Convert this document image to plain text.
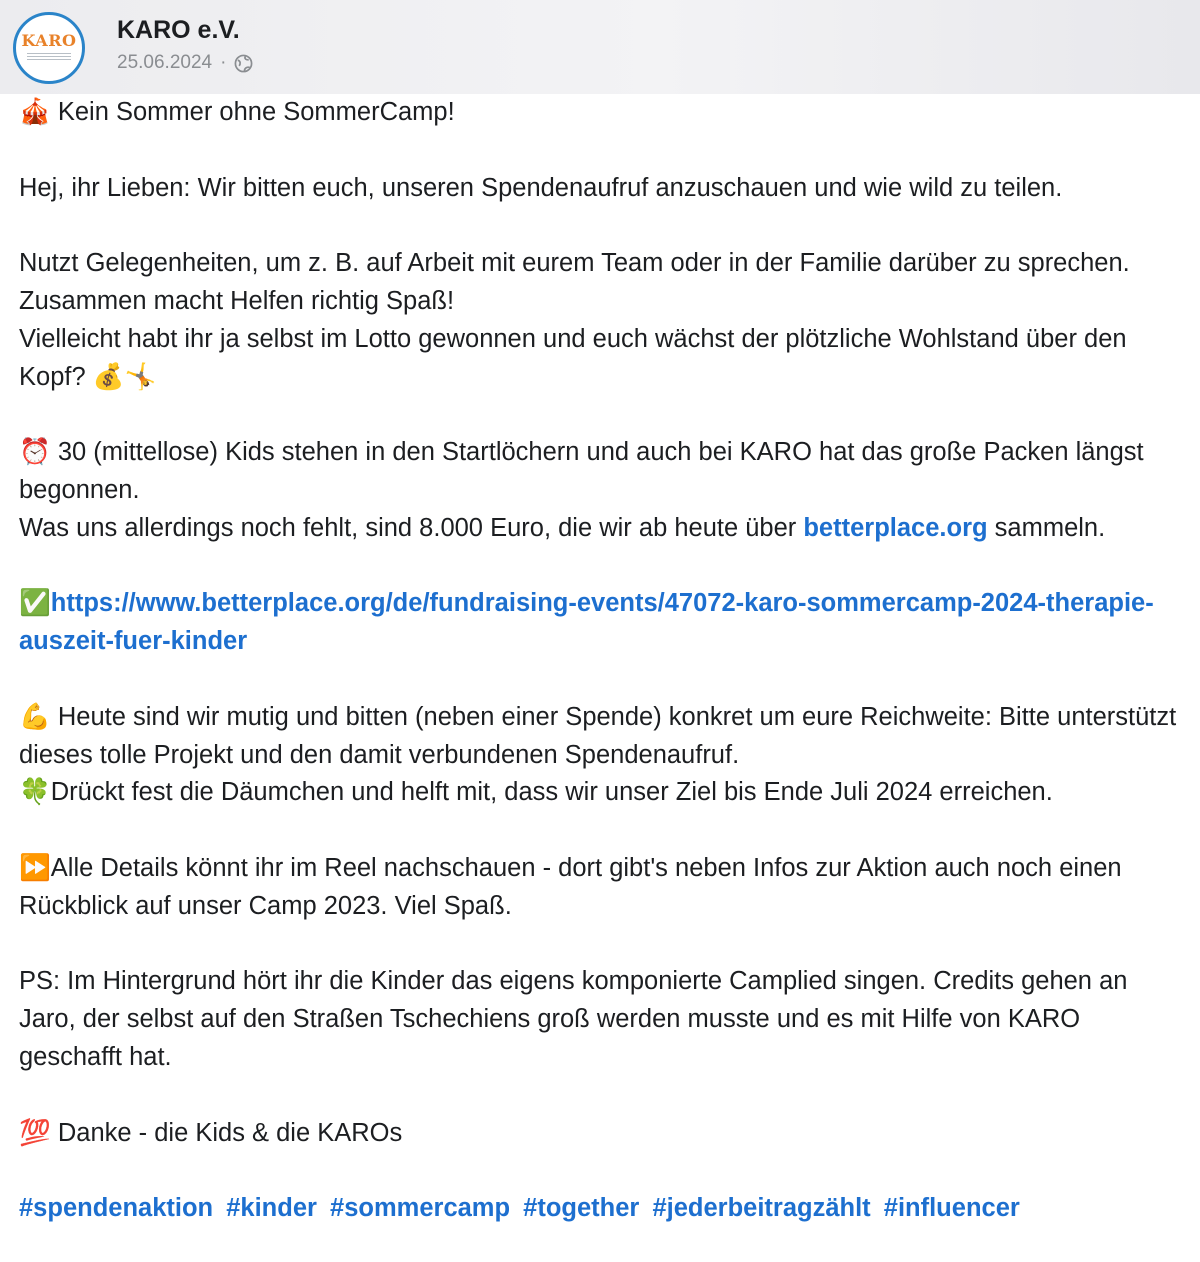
KARO KARO e.V.
25.06.2024 ·

🎪 Kein Sommer ohne SommerCamp!

Hej, ihr Lieben: Wir bitten euch, unseren Spendenaufruf anzuschauen und wie wild zu teilen.

Nutzt Gelegenheiten, um z. B. auf Arbeit mit eurem Team oder in der Familie darüber zu sprechen. Zusammen macht Helfen richtig Spaß!

Vielleicht habt ihr ja selbst im Lotto gewonnen und euch wächst der plötzliche Wohlstand über den Kopf? 💰🤸

⏰ 30 (mittellose) Kids stehen in den Startlöchern und auch bei KARO hat das große Packen längst begonnen.

Was uns allerdings noch fehlt, sind 8.000 Euro, die wir ab heute über betterplace.org sammeln.

✅https://www.betterplace.org/de/fundraising-events/47072-karo-sommercamp-2024-therapie-auszeit-fuer-kinder

💪 Heute sind wir mutig und bitten (neben einer Spende) konkret um eure Reichweite: Bitte unterstützt dieses tolle Projekt und den damit verbundenen Spendenaufruf.

🍀Drückt fest die Däumchen und helft mit, dass wir unser Ziel bis Ende Juli 2024 erreichen.

⏩Alle Details könnt ihr im Reel nachschauen - dort gibt's neben Infos zur Aktion auch noch einen Rückblick auf unser Camp 2023. Viel Spaß.

PS: Im Hintergrund hört ihr die Kinder das eigens komponierte Camplied singen. Credits gehen an Jaro, der selbst auf den Straßen Tschechiens groß werden musste und es mit Hilfe von KARO geschafft hat.

💯 Danke - die Kids & die KAROs

#spendenaktion #kinder #sommercamp #together #jederbeitragzählt #influencer
